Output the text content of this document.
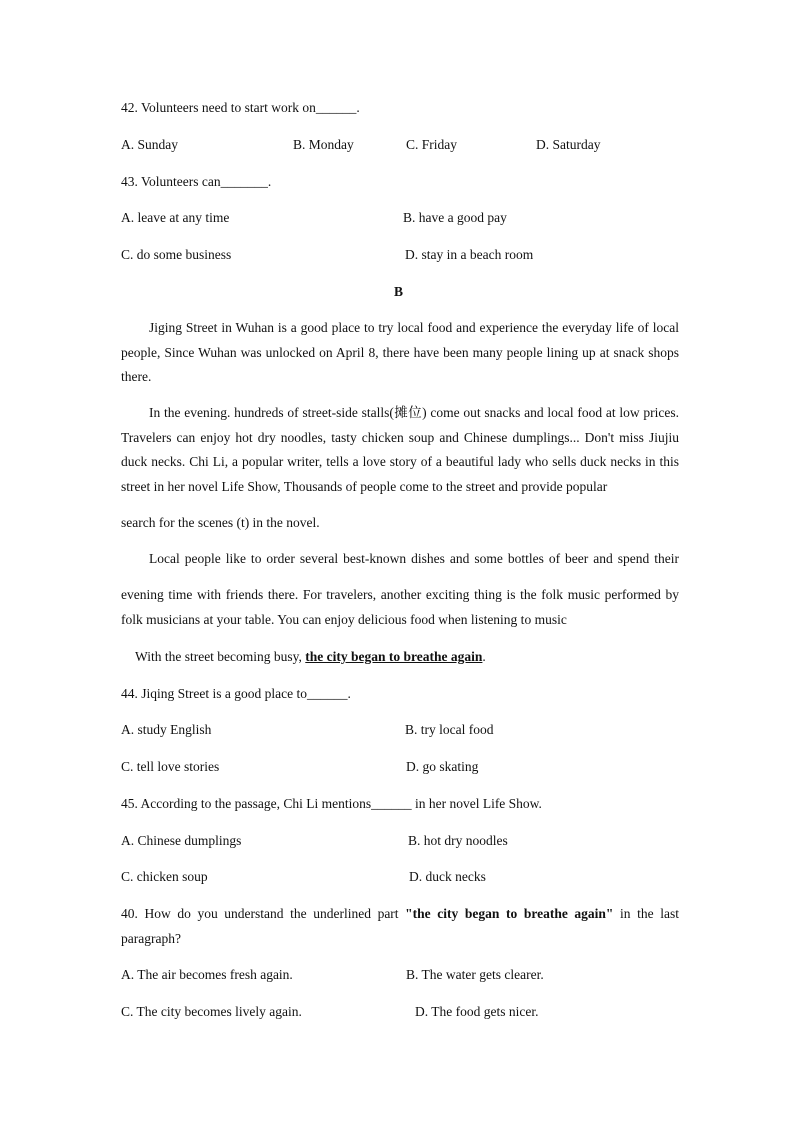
42. Volunteers need to start work on______.
A. Sunday	B. Monday	C. Friday	D. Saturday
43. Volunteers can_______.
A. leave at any time	B. have a good pay
C. do some business	D. stay in a beach room
B
Jiging Street in Wuhan is a good place to try local food and experience the everyday life of local people, Since Wuhan was unlocked on April 8, there have been many people lining up at snack shops there.
In the evening. hundreds of street-side stalls(摊位) come out snacks and local food at low prices. Travelers can enjoy hot dry noodles, tasty chicken soup and Chinese dumplings... Don't miss Jiujiu duck necks. Chi Li, a popular writer, tells a love story of a beautiful lady who sells duck necks in this street in her novel Life Show, Thousands of people come to the street and provide popular
search for the scenes (t) in the novel.
Local people like to order several best-known dishes and some bottles of beer and spend their
evening time with friends there. For travelers, another exciting thing is the folk music performed by folk musicians at your table. You can enjoy delicious food when listening to music
With the street becoming busy, the city began to breathe again.
44. Jiqing Street is a good place to______.
A. study English	B. try local food
C. tell love stories	D. go skating
45. According to the passage, Chi Li mentions______ in her novel Life Show.
A. Chinese dumplings	B. hot dry noodles
C. chicken soup	D. duck necks
40. How do you understand the underlined part "the city began to breathe again" in the last paragraph?
A. The air becomes fresh again.	B. The water gets clearer.
C. The city becomes lively again.	D. The food gets nicer.
